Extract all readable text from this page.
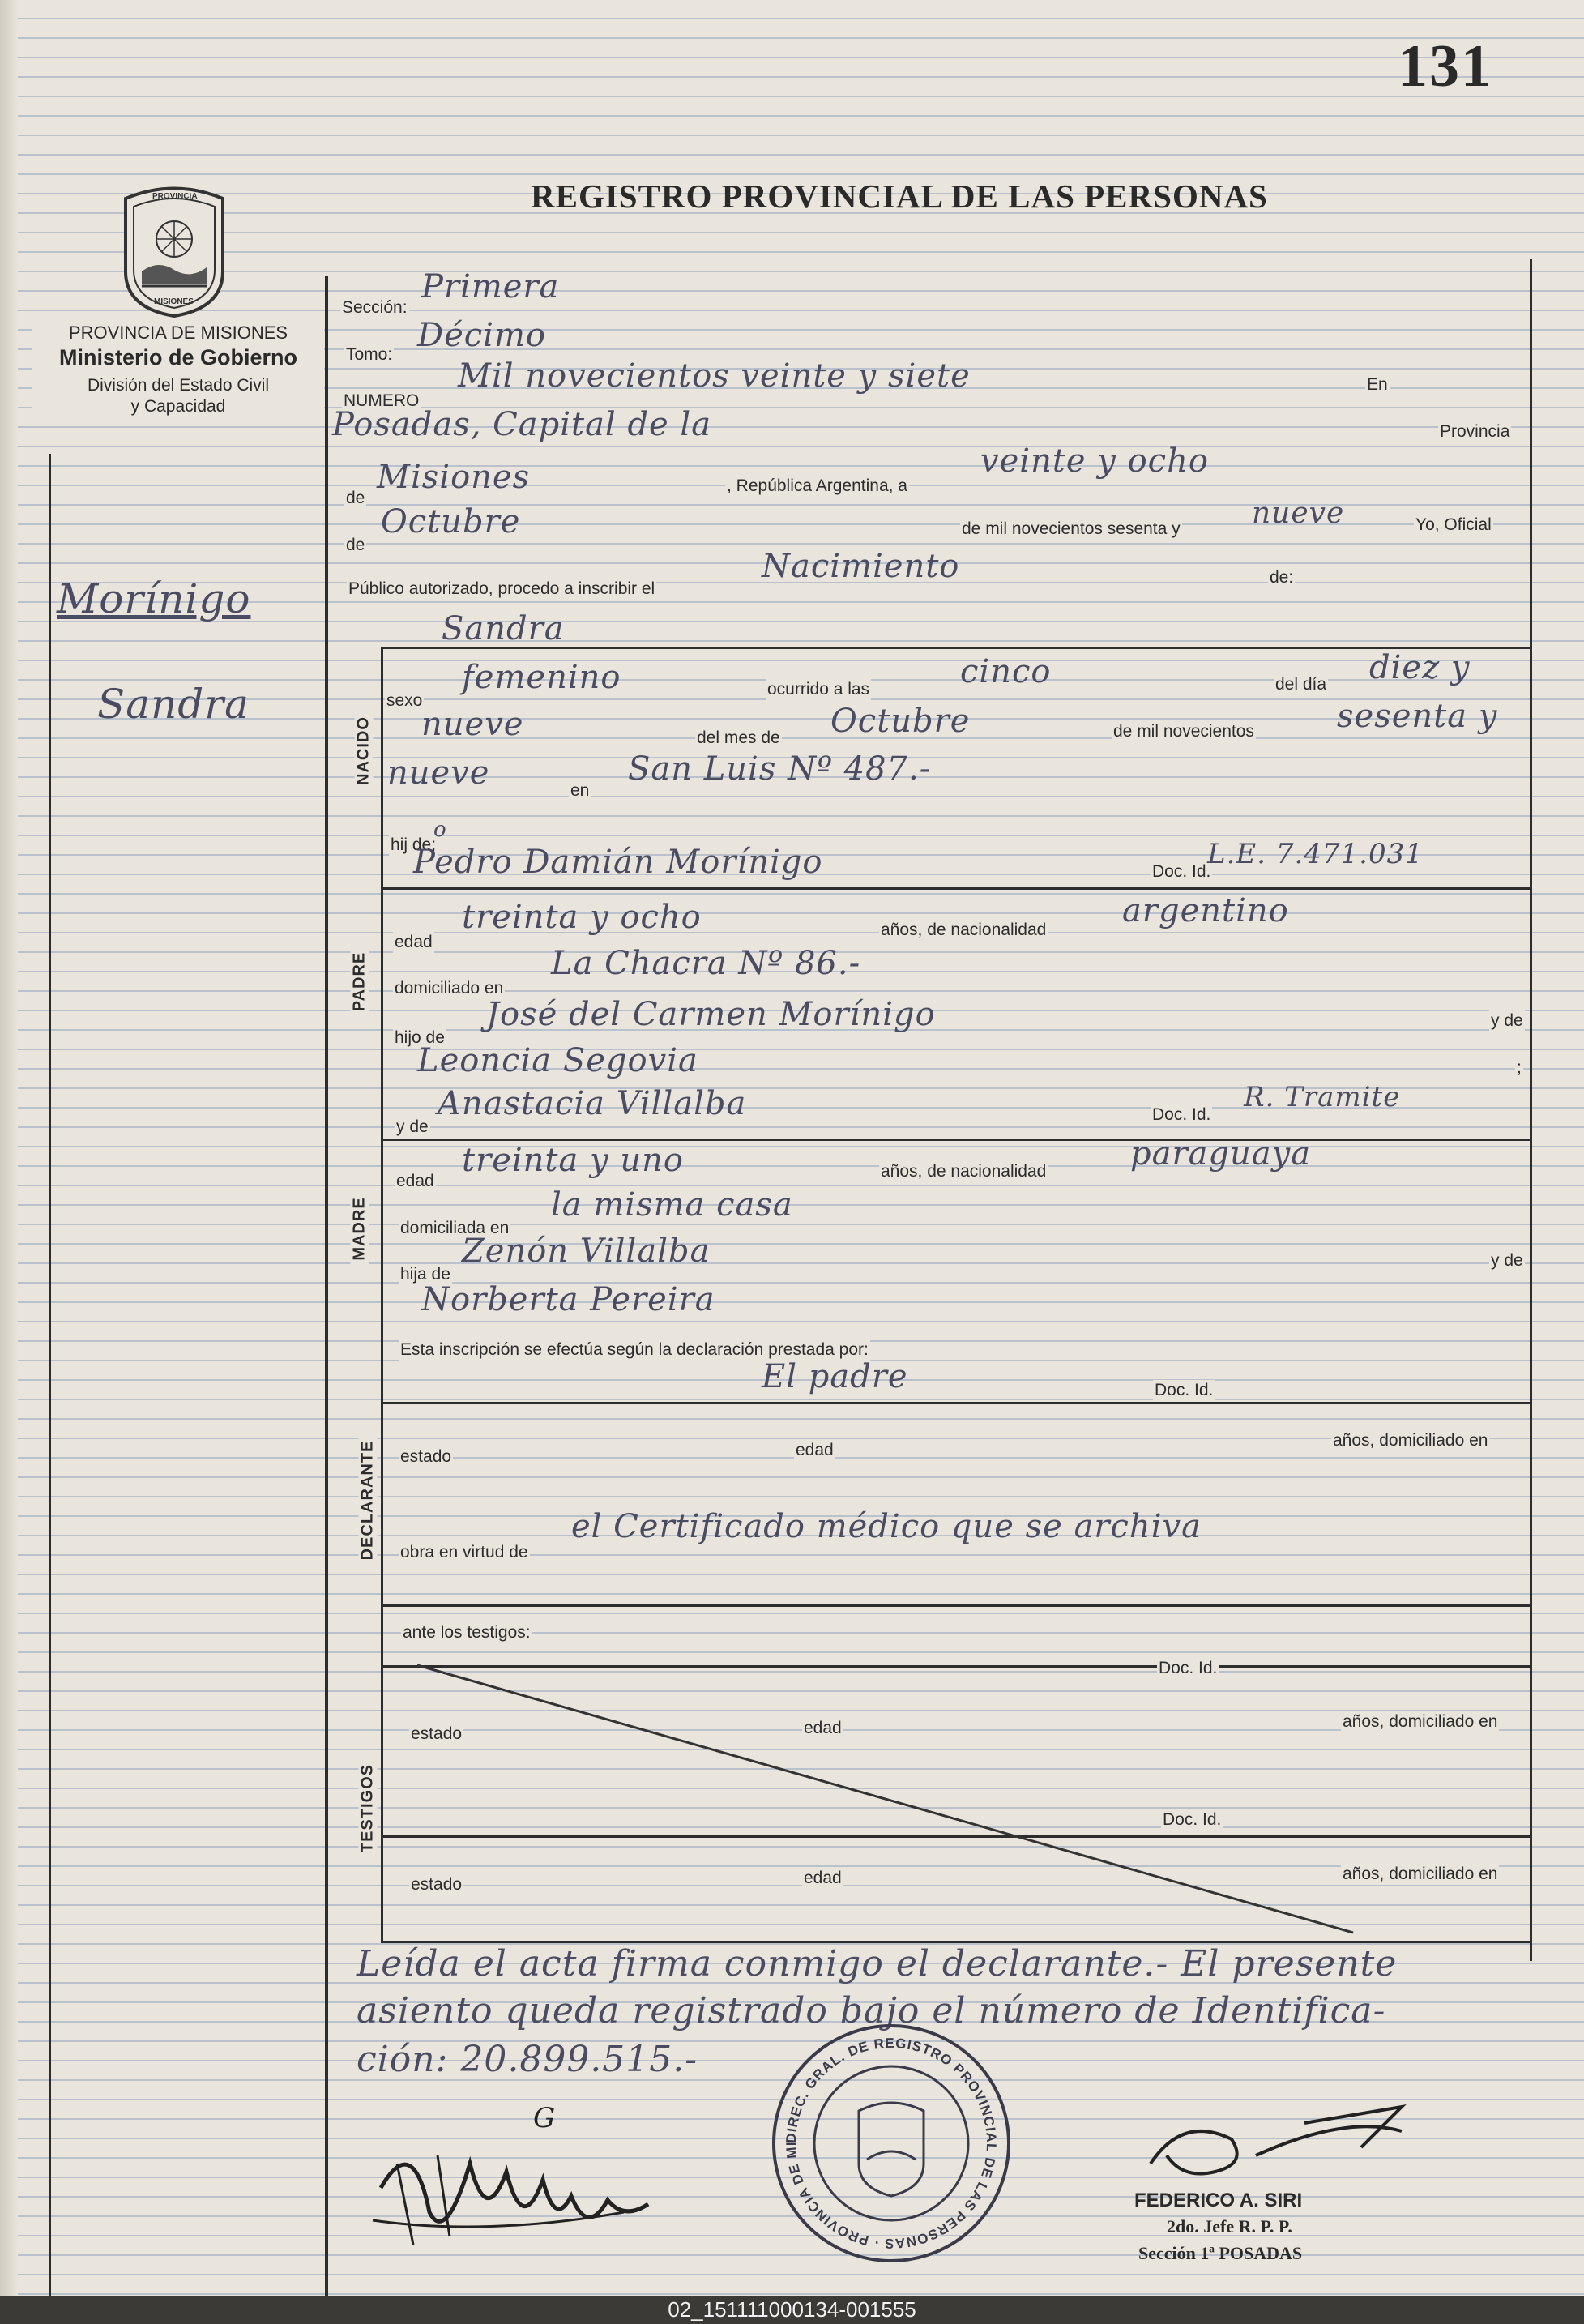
131
REGISTRO PROVINCIAL DE LAS PERSONAS
PROVINCIA
MISIONES
PROVINCIA DE MISIONES
Ministerio de Gobierno
División del Estado Civil
y Capacidad
Morínigo
Sandra
NACIDO
PADRE
MADRE
DECLARANTE
TESTIGOS
Sección:
Primera
Tomo:
Décimo
NUMERO
Mil novecientos veinte y siete	En
Posadas, Capital de la	Provincia
de
Misiones	, República Argentina, a
veinte y ocho
de
Octubre	de mil novecientos sesenta y nueve	Yo, Oficial
Público autorizado, procedo a inscribir el
Nacimiento	de:
Sandra
sexo
femenino	ocurrido a las	cinco	del día diez y
nueve	del mes de Octubre	de mil novecientos	sesenta y
nueve	en
San Luis Nº 487.-
hij de;
o
Pedro Damián Morínigo	Doc. Id.
L.E. 7.471.031
edad
treinta y ocho	años, de nacionalidad
argentino
domiciliado en
La Chacra Nº 86.-
hijo de
José del Carmen Morínigo	y de
Leoncia Segovia	;
y de
Anastacia Villalba	Doc. Id.
R. Tramite
edad
treinta y uno	años, de nacionalidad	paraguaya
domiciliada en
la misma casa
hija de
Zenón Villalba	y de
Norberta Pereira
Esta inscripción se efectúa según la declaración prestada por:
El padre	Doc. Id.
estado	edad
años, domiciliado en
obra en virtud de
el Certificado médico que se archiva
ante los testigos:
Doc. Id.
estado	edad	años, domiciliado en
Doc. Id.
estado	edad	años, domiciliado en
Leída el acta firma conmigo el declarante.- El presente
asiento queda registrado bajo el número de Identifica-
ción: 20.899.515.-
G
DIREC. GRAL. DE REGISTRO PROVINCIAL DE LAS PERSONAS · PROVINCIA DE MI
FEDERICO A. SIRI
2do. Jefe R. P. P.
Sección 1ª POSADAS
02_151111000134-001555
